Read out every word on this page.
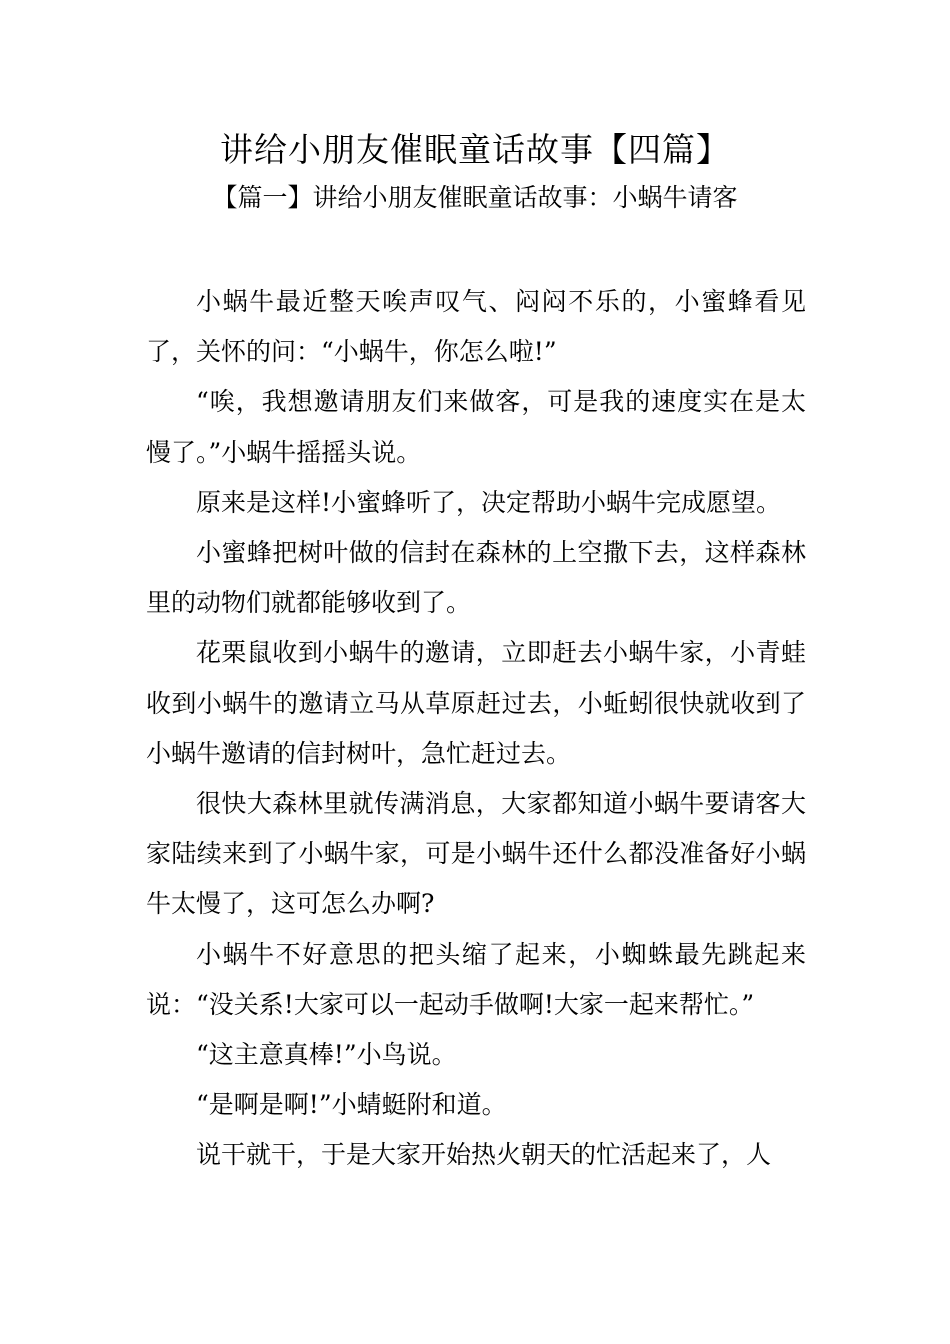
讲给小朋友催眠童话故事【四篇】
【篇一】讲给小朋友催眠童话故事：小蜗牛请客

小蜗牛最近整天唉声叹气、闷闷不乐的，小蜜蜂看见了，关怀的问：“小蜗牛，你怎么啦!”

“唉，我想邀请朋友们来做客，可是我的速度实在是太慢了。”小蜗牛摇摇头说。

原来是这样!小蜜蜂听了，决定帮助小蜗牛完成愿望。

小蜜蜂把树叶做的信封在森林的上空撒下去，这样森林里的动物们就都能够收到了。

花栗鼠收到小蜗牛的邀请，立即赶去小蜗牛家，小青蛙收到小蜗牛的邀请立马从草原赶过去，小蚯蚓很快就收到了小蜗牛邀请的信封树叶，急忙赶过去。

很快大森林里就传满消息，大家都知道小蜗牛要请客大家陆续来到了小蜗牛家，可是小蜗牛还什么都没准备好小蜗牛太慢了，这可怎么办啊?

小蜗牛不好意思的把头缩了起来，小蜘蛛最先跳起来说：“没关系!大家可以一起动手做啊!大家一起来帮忙。”

“这主意真棒!”小鸟说。

“是啊是啊!”小蜻蜓附和道。

说干就干，于是大家开始热火朝天的忙活起来了，人
